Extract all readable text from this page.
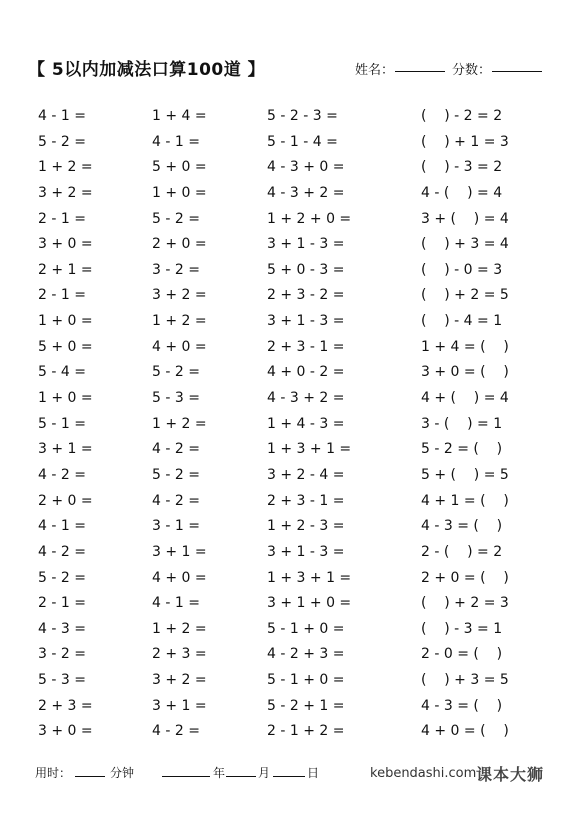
【 5以内加减法口算100道 】	姓名：	分数：
4 - 1 =	1 + 4 =	5 - 2 - 3 =	(    ) - 2 = 2
5 - 2 =	4 - 1 =	5 - 1 - 4 =	(    ) + 1 = 3
1 + 2 =	5 + 0 =	4 - 3 + 0 =	(    ) - 3 = 2
3 + 2 =	1 + 0 =	4 - 3 + 2 =	4 - (    ) = 4
2 - 1 =	5 - 2 =	1 + 2 + 0 =	3 + (    ) = 4
3 + 0 =	2 + 0 =	3 + 1 - 3 =	(    ) + 3 = 4
2 + 1 =	3 - 2 =	5 + 0 - 3 =	(    ) - 0 = 3
2 - 1 =	3 + 2 =	2 + 3 - 2 =	(    ) + 2 = 5
1 + 0 =	1 + 2 =	3 + 1 - 3 =	(    ) - 4 = 1
5 + 0 =	4 + 0 =	2 + 3 - 1 =	1 + 4 = (    )
5 - 4 =	5 - 2 =	4 + 0 - 2 =	3 + 0 = (    )
1 + 0 =	5 - 3 =	4 - 3 + 2 =	4 + (    ) = 4
5 - 1 =	1 + 2 =	1 + 4 - 3 =	3 - (    ) = 1
3 + 1 =	4 - 2 =	1 + 3 + 1 =	5 - 2 = (    )
4 - 2 =	5 - 2 =	3 + 2 - 4 =	5 + (    ) = 5
2 + 0 =	4 - 2 =	2 + 3 - 1 =	4 + 1 = (    )
4 - 1 =	3 - 1 =	1 + 2 - 3 =	4 - 3 = (    )
4 - 2 =	3 + 1 =	3 + 1 - 3 =	2 - (    ) = 2
5 - 2 =	4 + 0 =	1 + 3 + 1 =	2 + 0 = (    )
2 - 1 =	4 - 1 =	3 + 1 + 0 =	(    ) + 2 = 3
4 - 3 =	1 + 2 =	5 - 1 + 0 =	(    ) - 3 = 1
3 - 2 =	2 + 3 =	4 - 2 + 3 =	2 - 0 = (    )
5 - 3 =	3 + 2 =	5 - 1 + 0 =	(    ) + 3 = 5
2 + 3 =	3 + 1 =	5 - 2 + 1 =	4 - 3 = (    )
3 + 0 =	4 - 2 =	2 - 1 + 2 =	4 + 0 = (    )
用时：	分钟	年	月	日	kebendashi.com 课本大狮
